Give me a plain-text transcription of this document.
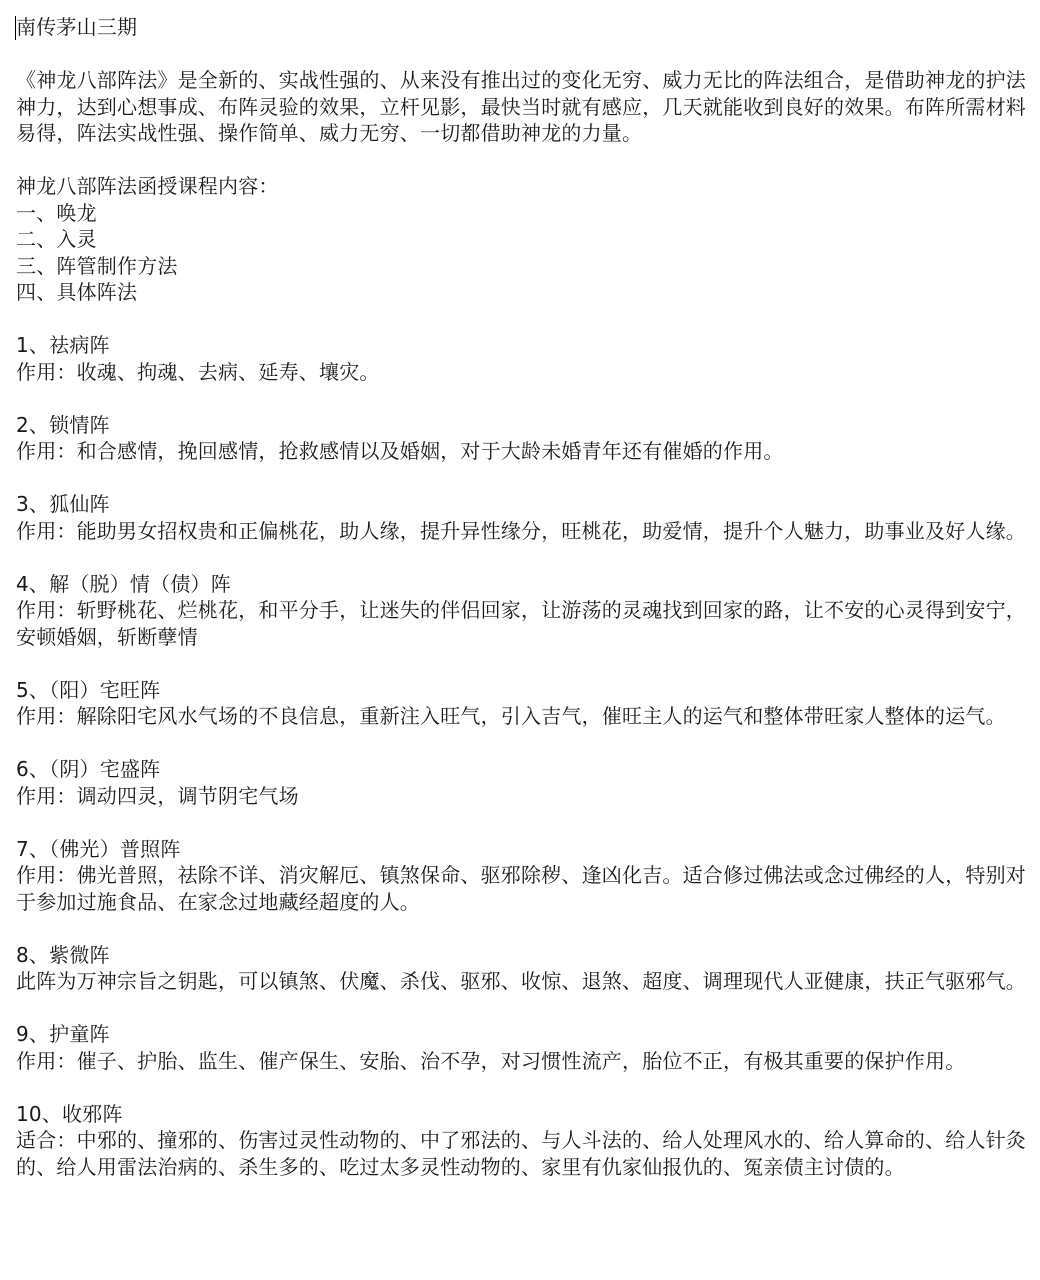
南传茅山三期
《神龙八部阵法》是全新的、实战性强的、从来没有推出过的变化无穷、威力无比的阵法组合，是借助神龙的护法神力，达到心想事成、布阵灵验的效果，立杆见影，最快当时就有感应，几天就能收到良好的效果。布阵所需材料易得，阵法实战性强、操作简单、威力无穷、一切都借助神龙的力量。
神龙八部阵法函授课程内容：
一、唤龙
二、入灵
三、阵管制作方法
四、具体阵法
1、祛病阵
作用：收魂、拘魂、去病、延寿、壤灾。
2、锁情阵
作用：和合感情，挽回感情，抢救感情以及婚姻，对于大龄未婚青年还有催婚的作用。
3、狐仙阵
作用：能助男女招权贵和正偏桃花，助人缘，提升异性缘分，旺桃花，助爱情，提升个人魅力，助事业及好人缘。
4、解（脱）情（债）阵
作用：斩野桃花、烂桃花，和平分手，让迷失的伴侣回家，让游荡的灵魂找到回家的路，让不安的心灵得到安宁，安顿婚姻，斩断孽情
5、（阳）宅旺阵
作用：解除阳宅风水气场的不良信息，重新注入旺气，引入吉气，催旺主人的运气和整体带旺家人整体的运气。
6、（阴）宅盛阵
作用：调动四灵，调节阴宅气场
7、（佛光）普照阵
作用：佛光普照，祛除不详、消灾解厄、镇煞保命、驱邪除秽、逢凶化吉。适合修过佛法或念过佛经的人，特别对于参加过施食品、在家念过地藏经超度的人。
8、紫微阵
此阵为万神宗旨之钥匙，可以镇煞、伏魔、杀伐、驱邪、收惊、退煞、超度、调理现代人亚健康，扶正气驱邪气。
9、护童阵
作用：催子、护胎、监生、催产保生、安胎、治不孕，对习惯性流产，胎位不正，有极其重要的保护作用。
10、收邪阵
适合：中邪的、撞邪的、伤害过灵性动物的、中了邪法的、与人斗法的、给人处理风水的、给人算命的、给人针灸的、给人用雷法治病的、杀生多的、吃过太多灵性动物的、家里有仇家仙报仇的、冤亲债主讨债的。
